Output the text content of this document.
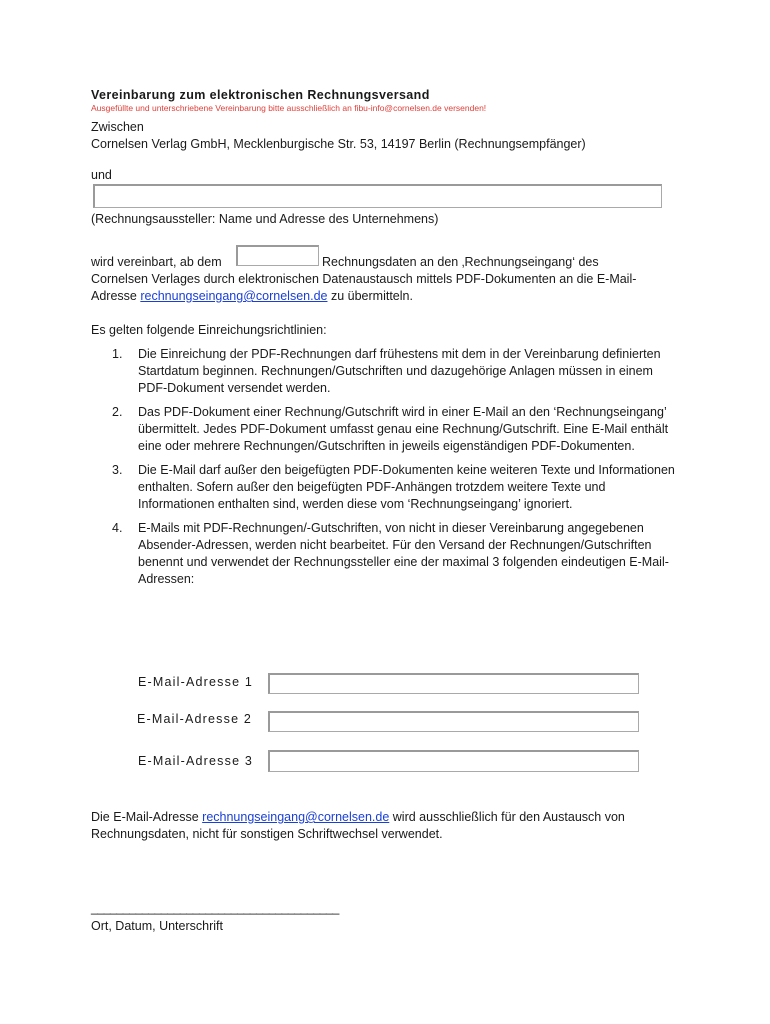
Vereinbarung zum elektronischen Rechnungsversand
Ausgefüllte und unterschriebene Vereinbarung bitte ausschließlich an fibu-info@cornelsen.de versenden!
Zwischen
Cornelsen Verlag GmbH, Mecklenburgische Str. 53, 14197 Berlin (Rechnungsempfänger)
und
(Rechnungsaussteller: Name und Adresse des Unternehmens)
wird vereinbart, ab dem	Rechnungsdaten an den ‚Rechnungseingang‘ des
Cornelsen Verlages durch elektronischen Datenaustausch mittels PDF-Dokumenten an die E-Mail-
Adresse rechnungseingang@cornelsen.de zu übermitteln.
Es gelten folgende Einreichungsrichtlinien:
1. Die Einreichung der PDF-Rechnungen darf frühestens mit dem in der Vereinbarung definierten Startdatum beginnen. Rechnungen/Gutschriften und dazugehörige Anlagen müssen in einem PDF-Dokument versendet werden.
2. Das PDF-Dokument einer Rechnung/Gutschrift wird in einer E-Mail an den ‘Rechnungseingang’ übermittelt. Jedes PDF-Dokument umfasst genau eine Rechnung/Gutschrift. Eine E-Mail enthält eine oder mehrere Rechnungen/Gutschriften in jeweils eigenständigen PDF-Dokumenten.
3. Die E-Mail darf außer den beigefügten PDF-Dokumenten keine weiteren Texte und Informationen enthalten. Sofern außer den beigefügten PDF-Anhängen trotzdem weitere Texte und Informationen enthalten sind, werden diese vom ‘Rechnungseingang’ ignoriert.
4. E-Mails mit PDF-Rechnungen/-Gutschriften, von nicht in dieser Vereinbarung angegebenen Absender-Adressen, werden nicht bearbeitet. Für den Versand der Rechnungen/Gutschriften benennt und verwendet der Rechnungssteller eine der maximal 3 folgenden eindeutigen E-Mail-Adressen:
E-Mail-Adresse 1
E-Mail-Adresse 2
E-Mail-Adresse 3
Die E-Mail-Adresse rechnungseingang@cornelsen.de wird ausschließlich für den Austausch von
Rechnungsdaten, nicht für sonstigen Schriftwechsel verwendet.
_______________________________________
Ort, Datum, Unterschrift
